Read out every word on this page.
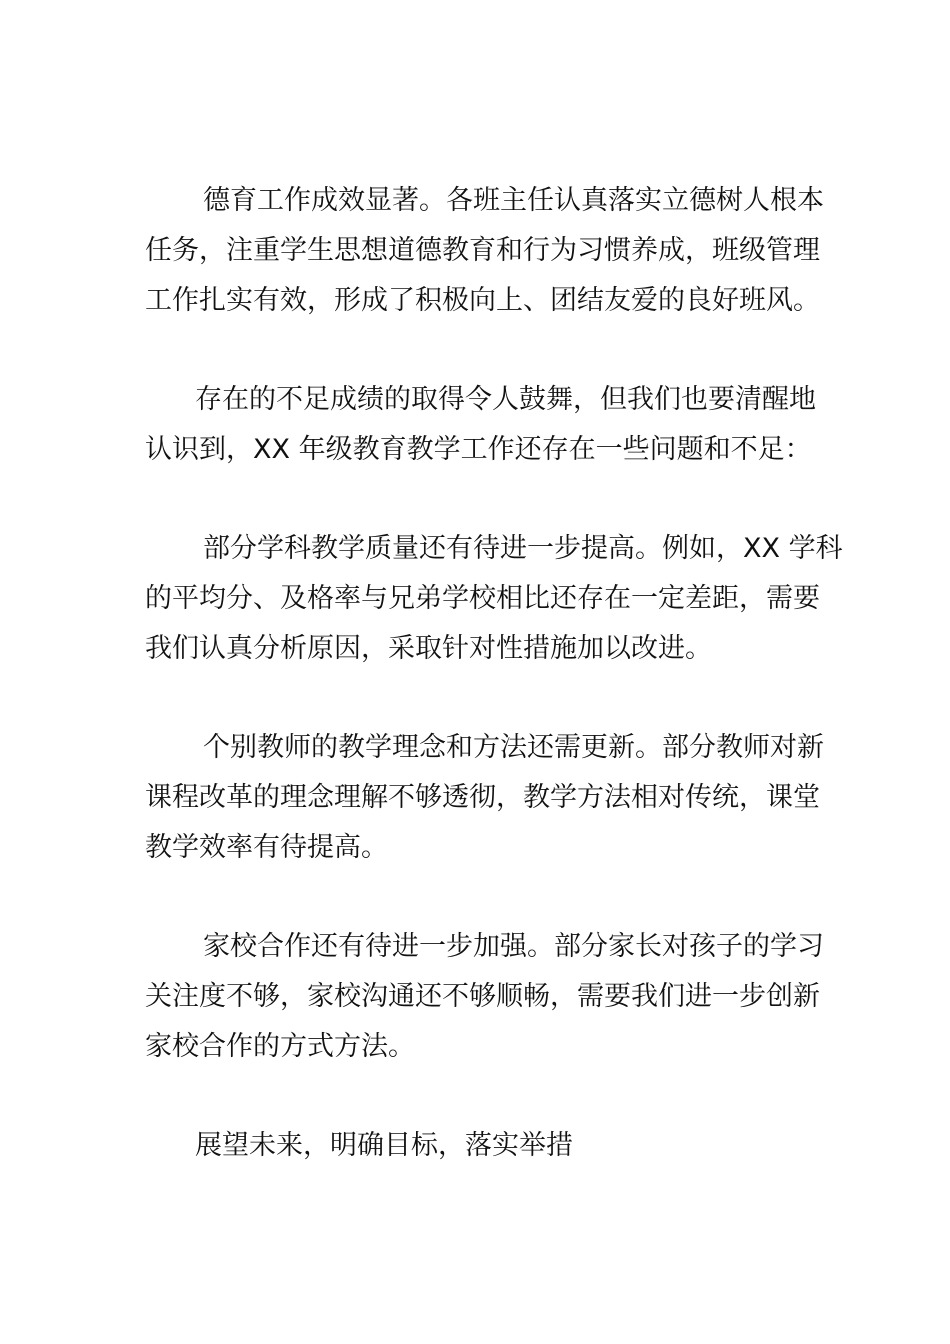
德育工作成效显著。各班主任认真落实立德树人根本
任务，注重学生思想道德教育和行为习惯养成，班级管理
工作扎实有效，形成了积极向上、团结友爱的良好班风。
存在的不足成绩的取得令人鼓舞，但我们也要清醒地
认识到，XX 年级教育教学工作还存在一些问题和不足：
部分学科教学质量还有待进一步提高。例如，XX 学科
的平均分、及格率与兄弟学校相比还存在一定差距，需要
我们认真分析原因，采取针对性措施加以改进。
个别教师的教学理念和方法还需更新。部分教师对新
课程改革的理念理解不够透彻，教学方法相对传统，课堂
教学效率有待提高。
家校合作还有待进一步加强。部分家长对孩子的学习
关注度不够，家校沟通还不够顺畅，需要我们进一步创新
家校合作的方式方法。
展望未来，明确目标，落实举措
